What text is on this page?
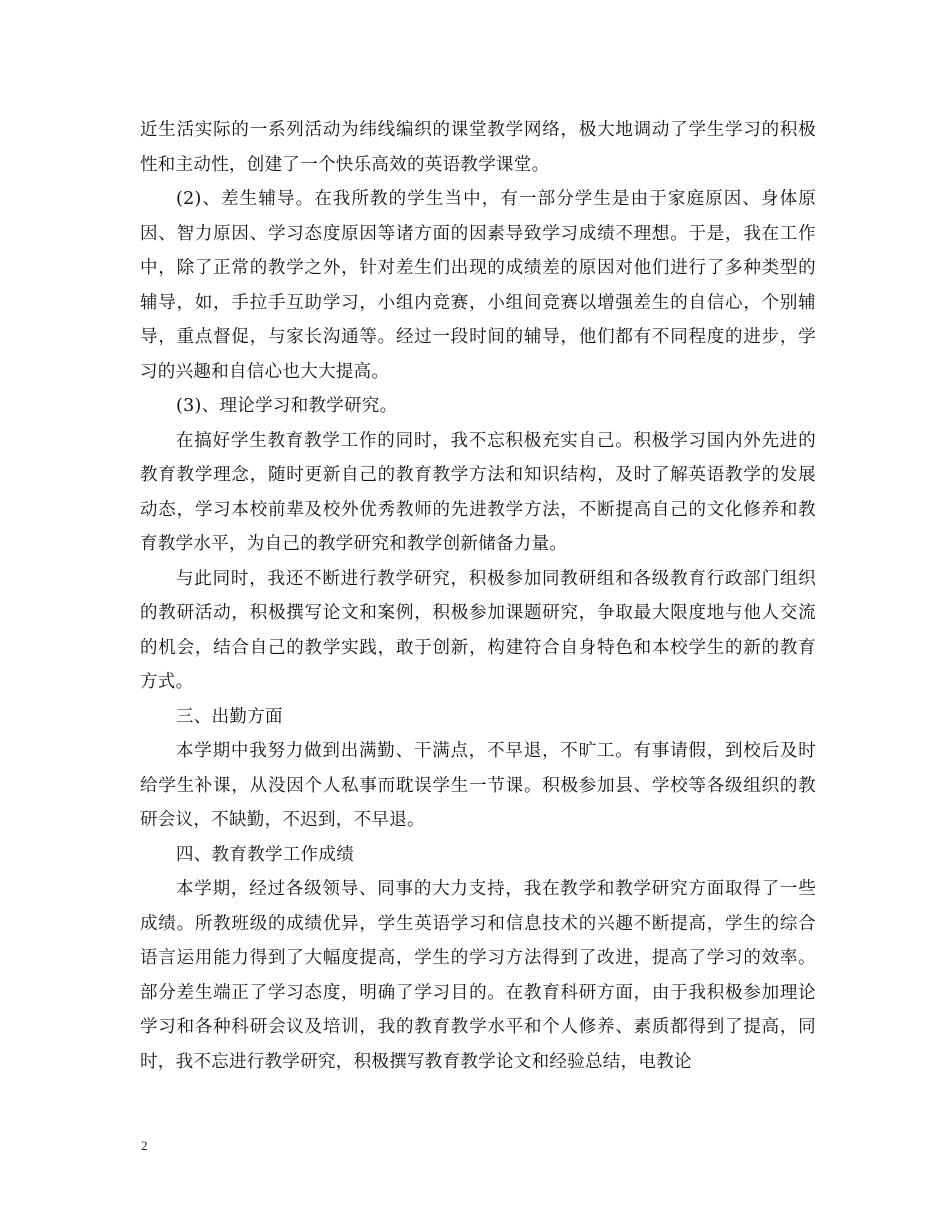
近生活实际的一系列活动为纬线编织的课堂教学网络，极大地调动了学生学习的积极性和主动性，创建了一个快乐高效的英语教学课堂。

(2)、差生辅导。在我所教的学生当中，有一部分学生是由于家庭原因、身体原因、智力原因、学习态度原因等诸方面的因素导致学习成绩不理想。于是，我在工作中，除了正常的教学之外，针对差生们出现的成绩差的原因对他们进行了多种类型的辅导，如，手拉手互助学习，小组内竞赛，小组间竞赛以增强差生的自信心，个别辅导，重点督促，与家长沟通等。经过一段时间的辅导，他们都有不同程度的进步，学习的兴趣和自信心也大大提高。

(3)、理论学习和教学研究。

在搞好学生教育教学工作的同时，我不忘积极充实自己。积极学习国内外先进的教育教学理念，随时更新自己的教育教学方法和知识结构，及时了解英语教学的发展动态，学习本校前辈及校外优秀教师的先进教学方法，不断提高自己的文化修养和教育教学水平，为自己的教学研究和教学创新储备力量。

与此同时，我还不断进行教学研究，积极参加同教研组和各级教育行政部门组织的教研活动，积极撰写论文和案例，积极参加课题研究，争取最大限度地与他人交流的机会，结合自己的教学实践，敢于创新，构建符合自身特色和本校学生的新的教育方式。

三、出勤方面

本学期中我努力做到出满勤、干满点，不早退，不旷工。有事请假，到校后及时给学生补课，从没因个人私事而耽误学生一节课。积极参加县、学校等各级组织的教研会议，不缺勤，不迟到，不早退。

四、教育教学工作成绩

本学期，经过各级领导、同事的大力支持，我在教学和教学研究方面取得了一些成绩。所教班级的成绩优异，学生英语学习和信息技术的兴趣不断提高，学生的综合语言运用能力得到了大幅度提高，学生的学习方法得到了改进，提高了学习的效率。部分差生端正了学习态度，明确了学习目的。在教育科研方面，由于我积极参加理论学习和各种科研会议及培训，我的教育教学水平和个人修养、素质都得到了提高，同时，我不忘进行教学研究，积极撰写教育教学论文和经验总结，电教论

2
